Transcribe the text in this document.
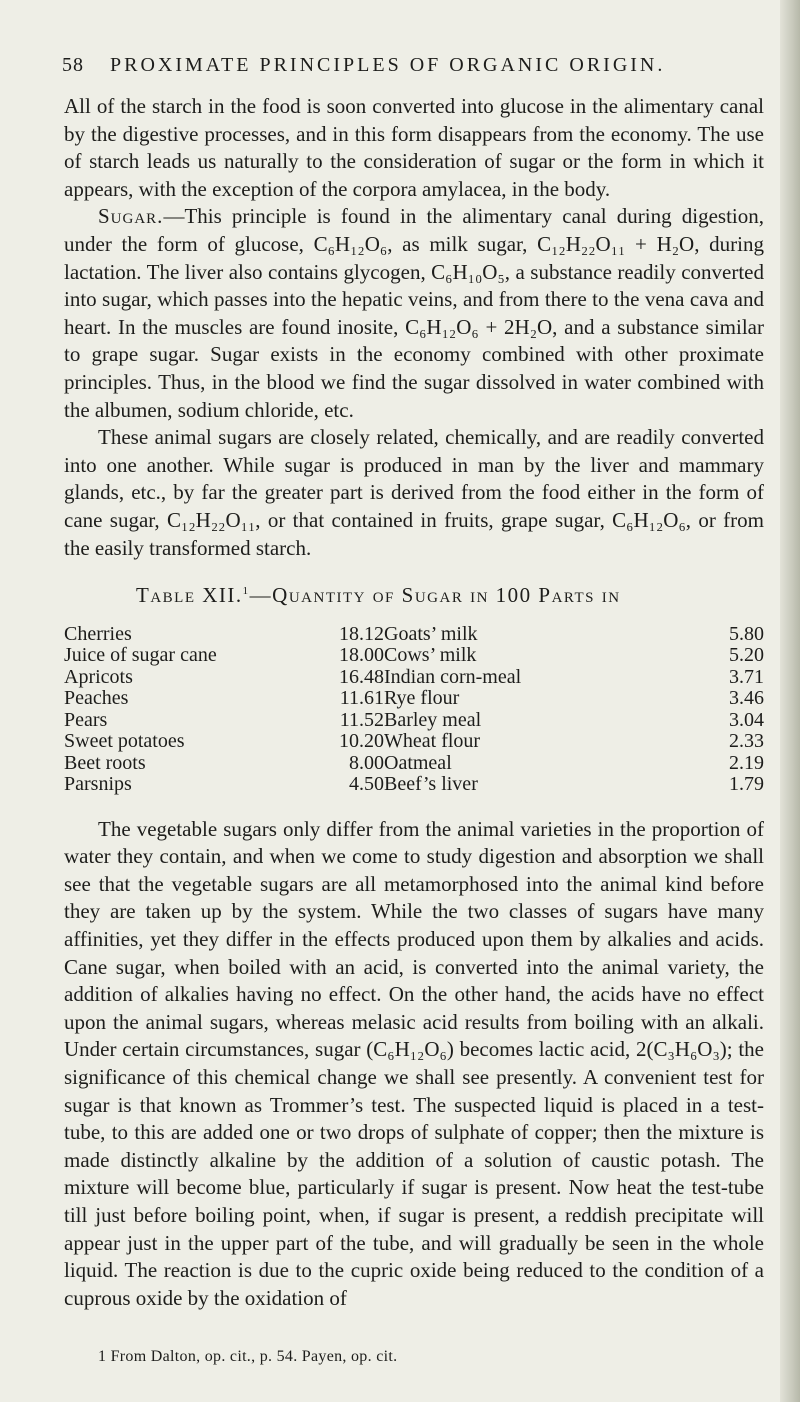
58 PROXIMATE PRINCIPLES OF ORGANIC ORIGIN.

All of the starch in the food is soon converted into glucose in the alimentary canal by the digestive processes, and in this form disappears from the economy. The use of starch leads us naturally to the consideration of sugar or the form in which it appears, with the exception of the corpora amylacea, in the body.

Sugar.—This principle is found in the alimentary canal during digestion, under the form of glucose, C₆H₁₂O₆, as milk sugar, C₁₂H₂₂O₁₁ + H₂O, during lactation. The liver also contains glycogen, C₆H₁₀O₅, a substance readily converted into sugar, which passes into the hepatic veins, and from there to the vena cava and heart. In the muscles are found inosite, C₆H₁₂O₆ + 2H₂O, and a substance similar to grape sugar. Sugar exists in the economy combined with other proximate principles. Thus, in the blood we find the sugar dissolved in water combined with the albumen, sodium chloride, etc.

These animal sugars are closely related, chemically, and are readily converted into one another. While sugar is produced in man by the liver and mammary glands, etc., by far the greater part is derived from the food either in the form of cane sugar, C₁₂H₂₂O₁₁, or that contained in fruits, grape sugar, C₆H₁₂O₆, or from the easily transformed starch.

Table XII.$^1$—Quantity of Sugar in 100 Parts in

Cherries	18.12	Goats’ milk	5.80
Juice of sugar cane	18.00	Cows’ milk	5.20
Apricots	16.48	Indian corn-meal	3.71
Peaches	11.61	Rye flour	3.46
Pears	11.52	Barley meal	3.04
Sweet potatoes	10.20	Wheat flour	2.33
Beet roots	8.00	Oatmeal	2.19
Parsnips	4.50	Beef’s liver	1.79

The vegetable sugars only differ from the animal varieties in the proportion of water they contain, and when we come to study digestion and absorption we shall see that the vegetable sugars are all metamorphosed into the animal kind before they are taken up by the system. While the two classes of sugars have many affinities, yet they differ in the effects produced upon them by alkalies and acids. Cane sugar, when boiled with an acid, is converted into the animal variety, the addition of alkalies having no effect. On the other hand, the acids have no effect upon the animal sugars, whereas melasic acid results from boiling with an alkali. Under certain circumstances, sugar (C₆H₁₂O₆) becomes lactic acid, 2(C₃H₆O₃); the significance of this chemical change we shall see presently. A convenient test for sugar is that known as Trommer’s test. The suspected liquid is placed in a test-tube, to this are added one or two drops of sulphate of copper; then the mixture is made distinctly alkaline by the addition of a solution of caustic potash. The mixture will become blue, particularly if sugar is present. Now heat the test-tube till just before boiling point, when, if sugar is present, a reddish precipitate will appear just in the upper part of the tube, and will gradually be seen in the whole liquid. The reaction is due to the cupric oxide being reduced to the condition of a cuprous oxide by the oxidation of

1 From Dalton, op. cit., p. 54. Payen, op. cit.
